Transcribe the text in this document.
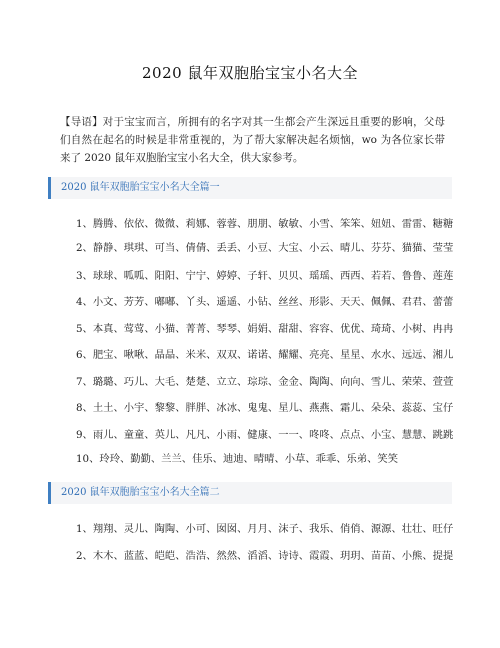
2020 鼠年双胞胎宝宝小名大全
【导语】对于宝宝而言，所拥有的名字对其一生都会产生深远且重要的影响，父母们自然在起名的时候是非常重视的，为了帮大家解决起名烦恼，wo 为各位家长带来了 2020 鼠年双胞胎宝宝小名大全，供大家参考。
2020 鼠年双胞胎宝宝小名大全篇一
1、腾腾、依依、微微、莉娜、蓉蓉、朋朋、敏敏、小雪、笨笨、妞妞、雷雷、糖糖
2、静静、琪琪、可当、倩倩、丢丢、小豆、大宝、小云、晴儿、芬芬、猫猫、莹莹
3、球球、呱呱、阳阳、宁宁、婷婷、子轩、贝贝、瑶瑶、西西、若若、鲁鲁、莲莲
4、小文、芳芳、嘟嘟、丫头、遥遥、小钻、丝丝、形影、天天、佩佩、君君、蕾蕾
5、本真、莺莺、小猫、菁菁、琴琴、娟娟、甜甜、容容、优优、琦琦、小树、冉冉
6、肥宝、啾啾、晶晶、米米、双双、诺诺、耀耀、亮亮、星星、水水、远远、湘儿
7、璐璐、巧儿、大毛、楚楚、立立、琮琮、金金、陶陶、向向、雪儿、荣荣、萱萱
8、土土、小宇、黎黎、胖胖、冰冰、鬼鬼、星儿、燕燕、霜儿、朵朵、蕊蕊、宝仔
9、雨儿、童童、英儿、凡凡、小雨、健康、一一、咚咚、点点、小宝、慧慧、跳跳
10、玲玲、勤勤、兰兰、佳乐、迪迪、晴晴、小草、乖乖、乐弟、笑笑
2020 鼠年双胞胎宝宝小名大全篇二
1、翔翔、灵儿、陶陶、小可、囡囡、月月、沫子、我乐、俏俏、源源、壮壮、旺仔
2、木木、蓝蓝、皑皑、浩浩、然然、滔滔、诗诗、霞霞、玥玥、苗苗、小熊、提提
